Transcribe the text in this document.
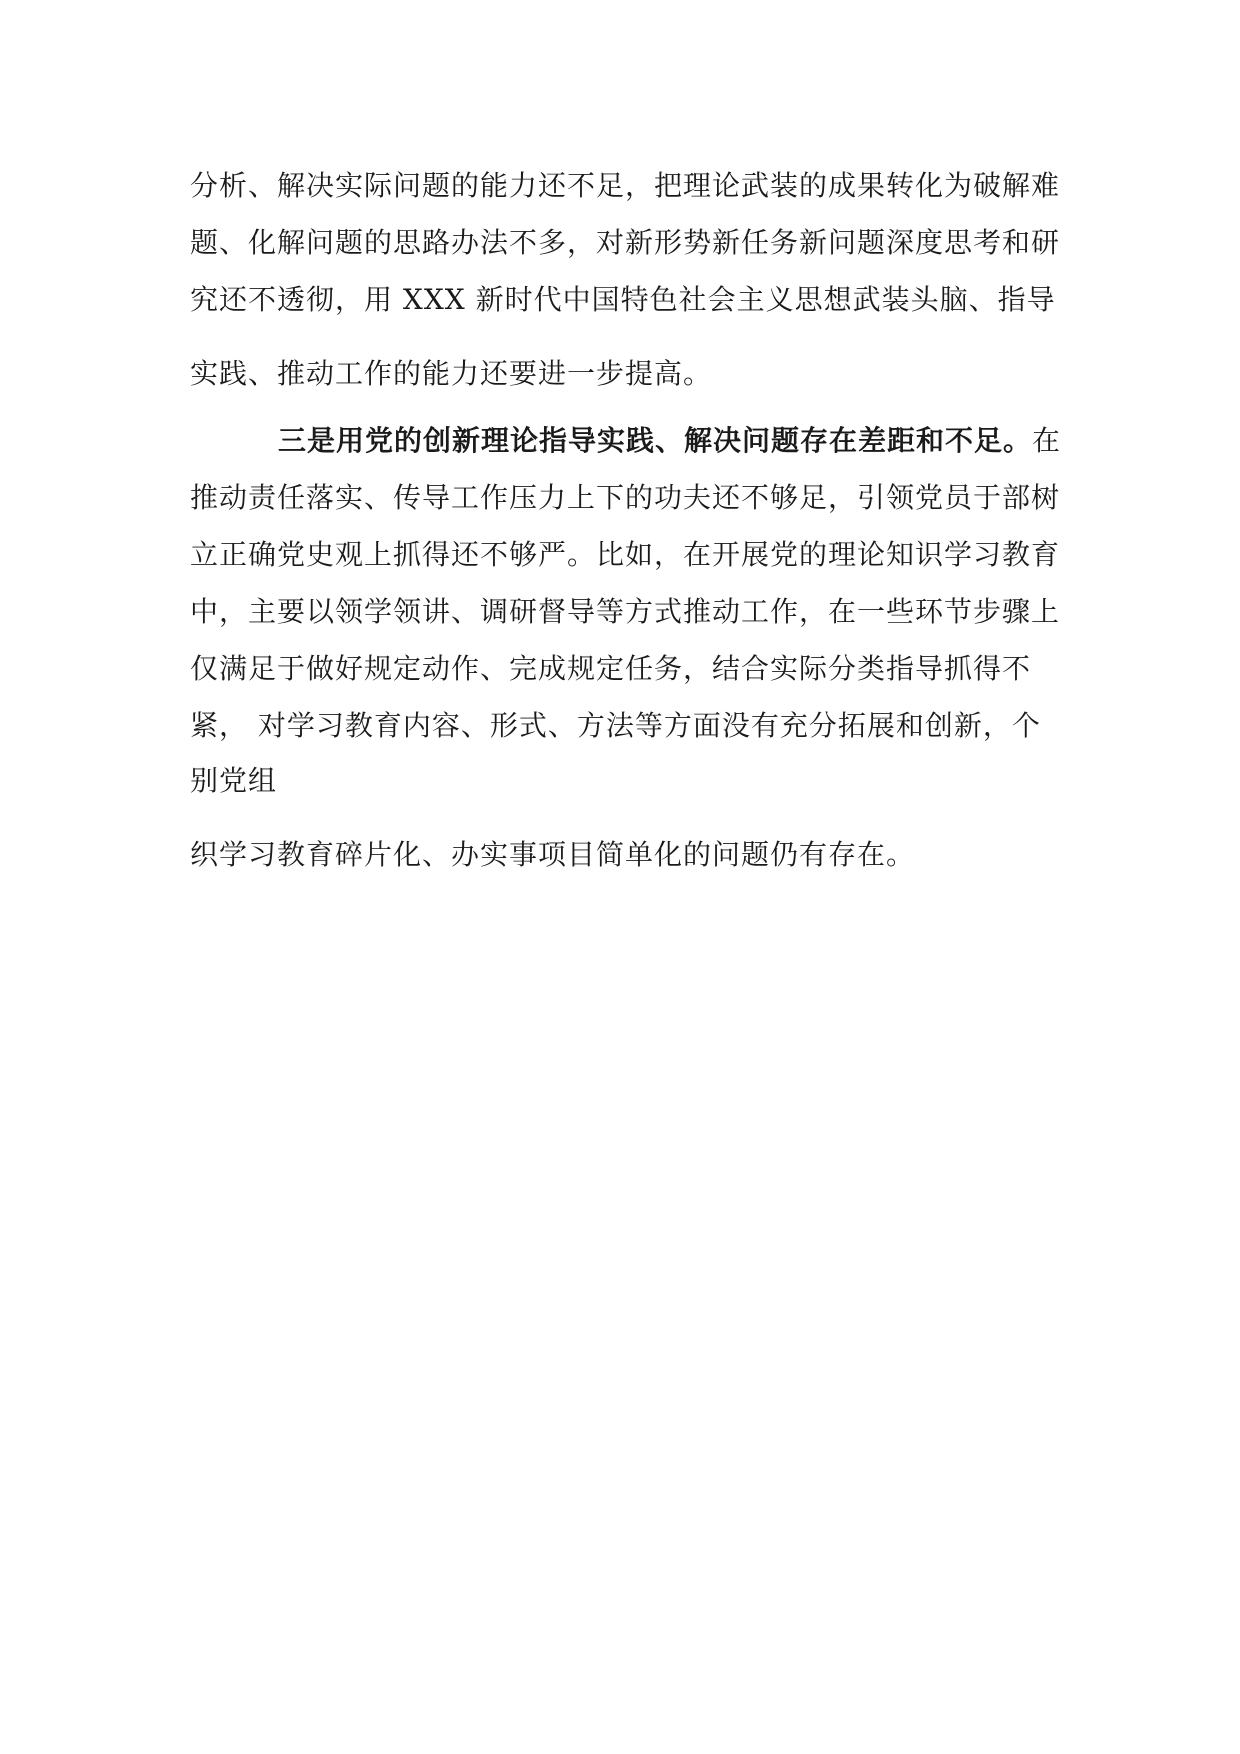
分析、解决实际问题的能力还不足，把理论武装的成果转化为破解难
题、化解问题的思路办法不多，对新形势新任务新问题深度思考和研
究还不透彻，用 XXX 新时代中国特色社会主义思想武装头脑、指导
实践、推动工作的能力还要进一步提高。
三是用党的创新理论指导实践、解决问题存在差距和不足。在
推动责任落实、传导工作压力上下的功夫还不够足，引领党员于部树
立正确党史观上抓得还不够严。比如，在开展党的理论知识学习教育
中，主要以领学领讲、调研督导等方式推动工作，在一些环节步骤上
仅满足于做好规定动作、完成规定任务，结合实际分类指导抓得不
紧， 对学习教育内容、形式、方法等方面没有充分拓展和创新，个
别党组
织学习教育碎片化、办实事项目简单化的问题仍有存在。
